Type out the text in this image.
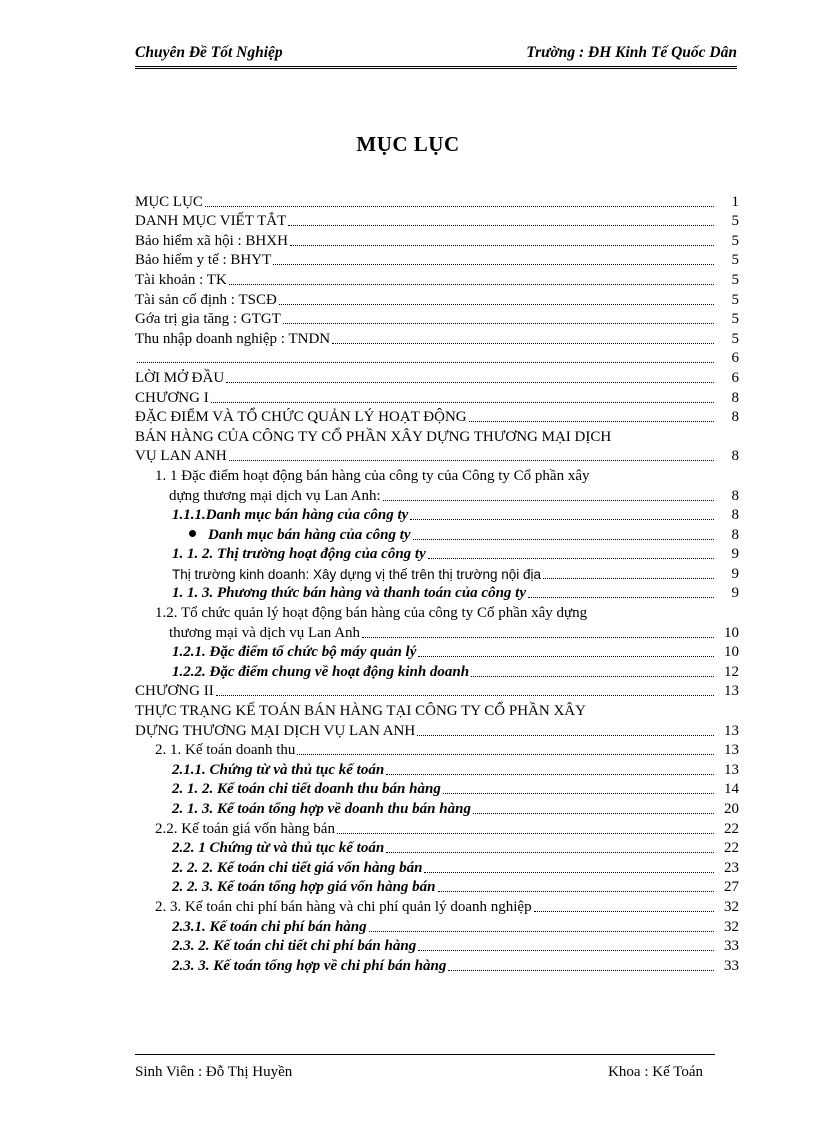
Chuyên Đề Tốt Nghiệp	Trường : ĐH Kinh Tế Quốc Dân
MỤC LỤC
MỤC LỤC	1
DANH MỤC VIẾT TẮT	5
Bảo hiểm xã hội : BHXH	5
Bảo hiểm y tế : BHYT	5
Tài khoản : TK	5
Tài sản cố định : TSCĐ	5
Gớa trị gia tăng : GTGT	5
Thu nhập doanh nghiệp : TNDN	5
6
LỜI MỞ ĐẦU	6
CHƯƠNG I	8
ĐẶC ĐIỂM VÀ TỔ CHỨC QUẢN LÝ HOẠT ĐỘNG	8
BÁN HÀNG CỦA CÔNG TY CỔ PHẦN XÂY DỰNG THƯƠNG MẠI DỊCH
VỤ LAN ANH	8
1. 1 Đặc điểm hoạt động bán hàng của công ty của Công ty Cổ phần xây
dựng thương mại dịch vụ Lan Anh:	8
1.1.1.Danh mục bán hàng của công ty	8
Danh mục bán hàng của công ty	8
1. 1. 2. Thị trường hoạt động của công ty	9
Thị trường kinh doanh: Xây dựng vị thế trên thị trường nội địa	9
1. 1. 3. Phương thức bán hàng và thanh toán của công ty	9
1.2. Tổ chức quản lý hoạt động bán hàng của công ty Cổ phần xây dựng
thương mại và dịch vụ Lan Anh	10
1.2.1. Đặc điểm tổ chức bộ máy quản lý	10
1.2.2. Đặc điểm chung về hoạt động kinh doanh	12
CHƯƠNG II	13
THỰC TRẠNG KẾ TOÁN BÁN HÀNG TẠI CÔNG TY CỔ PHẦN XÂY
DỰNG THƯƠNG MẠI DỊCH VỤ LAN ANH	13
2. 1. Kế toán doanh thu	13
2.1.1. Chứng từ và thủ tục kế toán	13
2. 1. 2. Kế toán chi tiết doanh thu bán hàng	14
2. 1. 3. Kế toán tổng hợp về doanh thu bán hàng	20
2.2. Kế toán giá vốn hàng bán	22
2.2. 1 Chứng từ và thủ tục kế toán	22
2. 2. 2. Kế toán chi tiết giá vốn hàng bán	23
2. 2. 3. Kế toán tổng hợp giá vốn hàng bán	27
2. 3. Kế toán chi phí bán hàng và chi phí quản lý doanh nghiệp	32
2.3.1. Kế toán chi phí bán hàng	32
2.3. 2. Kế toán chi tiết chi phí bán hàng	33
2.3. 3. Kế toán tổng hợp về chi phí bán hàng	33
Sinh Viên : Đỗ Thị Huyền	Khoa : Kế Toán
